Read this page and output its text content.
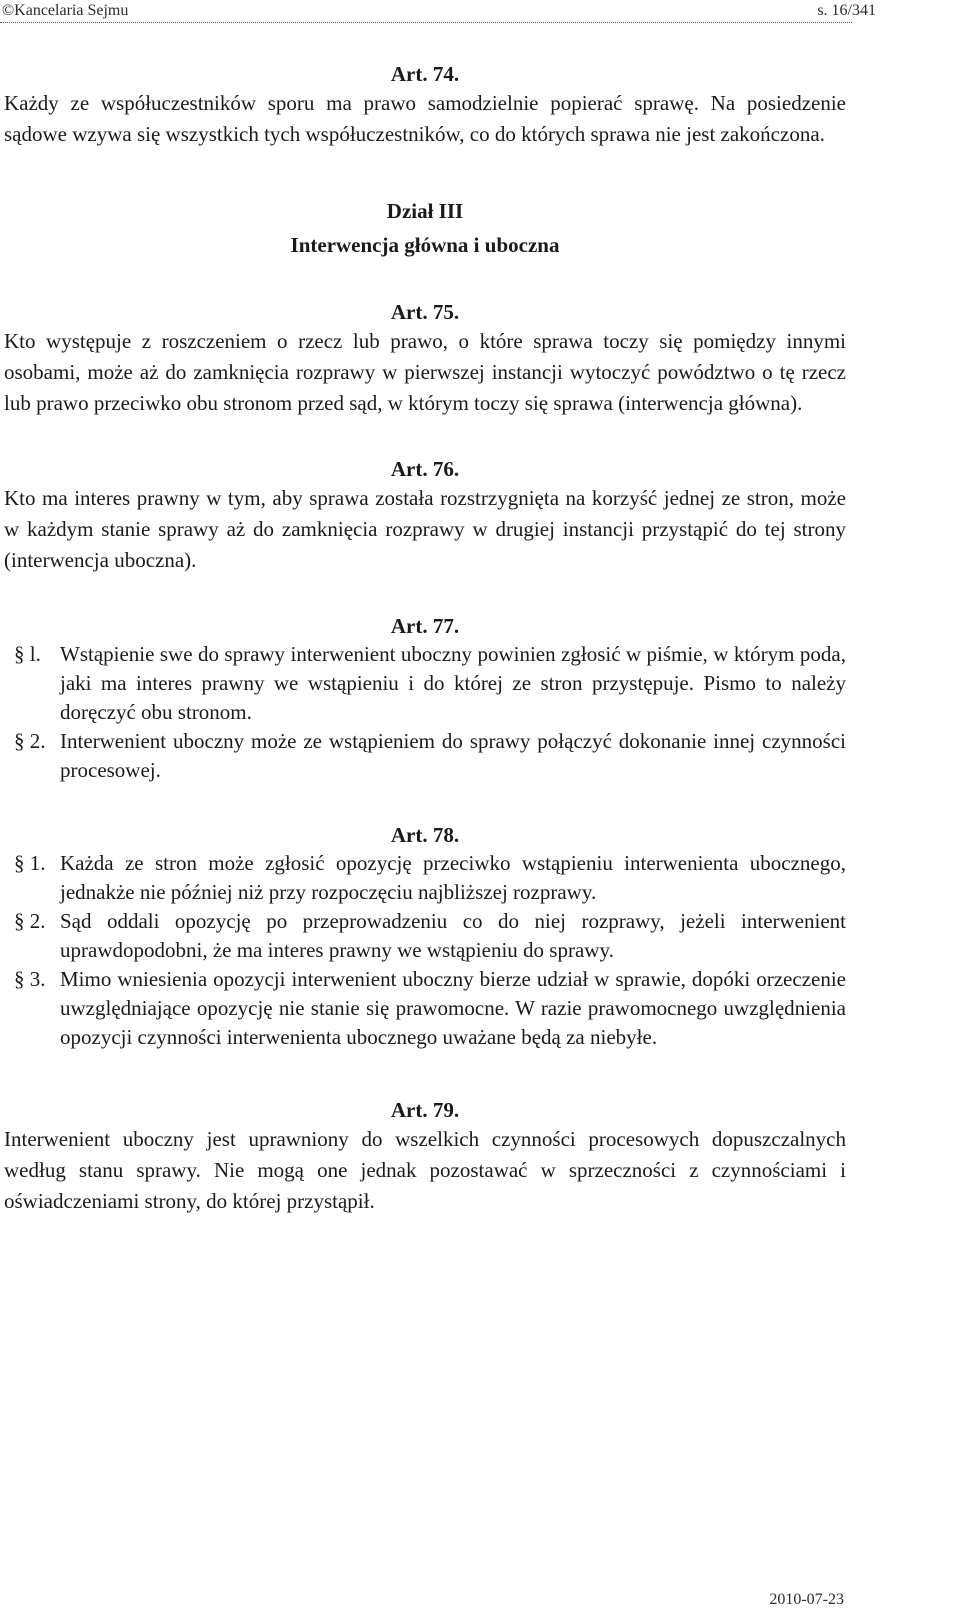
©Kancelaria Sejmu	s. 16/341

Art. 74.

Każdy ze współuczestników sporu ma prawo samodzielnie popierać sprawę. Na posiedzenie sądowe wzywa się wszystkich tych współuczestników, co do których sprawa nie jest zakończona.

Dział III

Interwencja główna i uboczna

Art. 75.

Kto występuje z roszczeniem o rzecz lub prawo, o które sprawa toczy się pomiędzy innymi osobami, może aż do zamknięcia rozprawy w pierwszej instancji wytoczyć powództwo o tę rzecz lub prawo przeciwko obu stronom przed sąd, w którym toczy się sprawa (interwencja główna).

Art. 76.

Kto ma interes prawny w tym, aby sprawa została rozstrzygnięta na korzyść jednej ze stron, może w każdym stanie sprawy aż do zamknięcia rozprawy w drugiej instancji przystąpić do tej strony (interwencja uboczna).

Art. 77.

§ l. Wstąpienie swe do sprawy interwenient uboczny powinien zgłosić w piśmie, w którym poda, jaki ma interes prawny we wstąpieniu i do której ze stron przystępuje. Pismo to należy doręczyć obu stronom.
§ 2. Interwenient uboczny może ze wstąpieniem do sprawy połączyć dokonanie innej czynności procesowej.

Art. 78.

§ 1. Każda ze stron może zgłosić opozycję przeciwko wstąpieniu interwenienta ubocznego, jednakże nie później niż przy rozpoczęciu najbliższej rozprawy.
§ 2. Sąd oddali opozycję po przeprowadzeniu co do niej rozprawy, jeżeli interwenient uprawdopodobni, że ma interes prawny we wstąpieniu do sprawy.
§ 3. Mimo wniesienia opozycji interwenient uboczny bierze udział w sprawie, dopóki orzeczenie uwzględniające opozycję nie stanie się prawomocne. W razie prawomocnego uwzględnienia opozycji czynności interwenienta ubocznego uważane będą za niebyłe.

Art. 79.

Interwenient uboczny jest uprawniony do wszelkich czynności procesowych dopuszczalnych według stanu sprawy. Nie mogą one jednak pozostawać w sprzeczności z czynnościami i oświadczeniami strony, do której przystąpił.

2010-07-23
